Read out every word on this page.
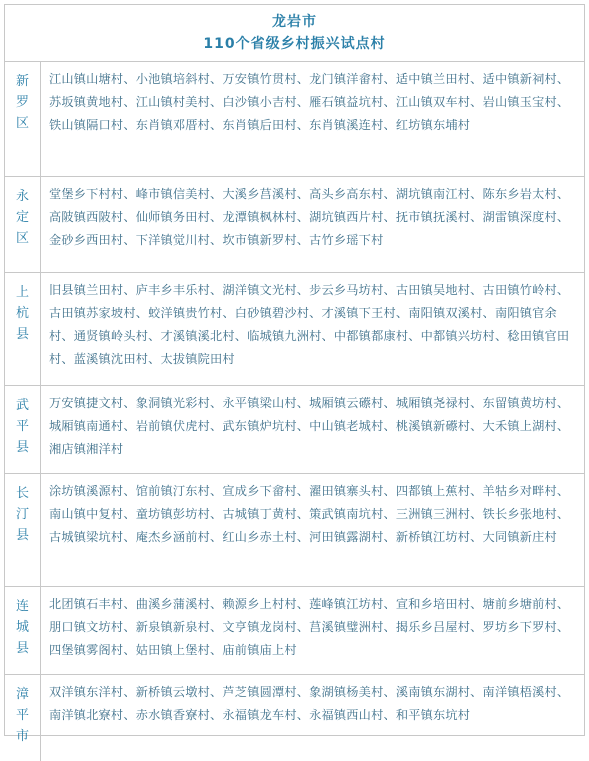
龙岩市
110个省级乡村振兴试点村
新
罗
区
江山镇山塘村、小池镇培斜村、万安镇竹贯村、龙门镇洋畲村、适中镇兰田村、适中镇新祠村、苏坂镇黄地村、江山镇村美村、白沙镇小吉村、雁石镇益坑村、江山镇双车村、岩山镇玉宝村、铁山镇隔口村、东肖镇邓厝村、东肖镇后田村、东肖镇溪连村、红坊镇东埔村
永
定
区
堂堡乡下村村、峰市镇信美村、大溪乡莒溪村、高头乡高东村、湖坑镇南江村、陈东乡岩太村、高陂镇西陂村、仙师镇务田村、龙潭镇枫林村、湖坑镇西片村、抚市镇抚溪村、湖雷镇深度村、金砂乡西田村、下洋镇觉川村、坎市镇新罗村、古竹乡瑶下村
上
杭
县
旧县镇兰田村、庐丰乡丰乐村、湖洋镇文光村、步云乡马坊村、古田镇吴地村、古田镇竹岭村、古田镇苏家坡村、蛟洋镇贵竹村、白砂镇碧沙村、才溪镇下王村、南阳镇双溪村、南阳镇官余村、通贤镇岭头村、才溪镇溪北村、临城镇九洲村、中都镇都康村、中都镇兴坊村、稔田镇官田村、蓝溪镇沈田村、太拔镇院田村
武
平
县
万安镇捷文村、象洞镇光彩村、永平镇梁山村、城厢镇云礤村、城厢镇尧禄村、东留镇黄坊村、城厢镇南通村、岩前镇伏虎村、武东镇炉坑村、中山镇老城村、桃溪镇新礤村、大禾镇上湖村、湘店镇湘洋村
长
汀
县
涂坊镇溪源村、馆前镇汀东村、宣成乡下畲村、濯田镇寨头村、四都镇上蕉村、羊牯乡对畔村、南山镇中复村、童坊镇彭坊村、古城镇丁黄村、策武镇南坑村、三洲镇三洲村、铁长乡张地村、古城镇梁坑村、庵杰乡涵前村、红山乡赤土村、河田镇露湖村、新桥镇江坊村、大同镇新庄村
连
城
县
北团镇石丰村、曲溪乡蒲溪村、赖源乡上村村、莲峰镇江坊村、宣和乡培田村、塘前乡塘前村、朋口镇文坊村、新泉镇新泉村、文亨镇龙岗村、莒溪镇璧洲村、揭乐乡吕屋村、罗坊乡下罗村、四堡镇雾阁村、姑田镇上堡村、庙前镇庙上村
漳
平
市
双洋镇东洋村、新桥镇云墩村、芦芝镇圆潭村、象湖镇杨美村、溪南镇东湖村、南洋镇梧溪村、南洋镇北寮村、赤水镇香寮村、永福镇龙车村、永福镇西山村、和平镇东坑村
